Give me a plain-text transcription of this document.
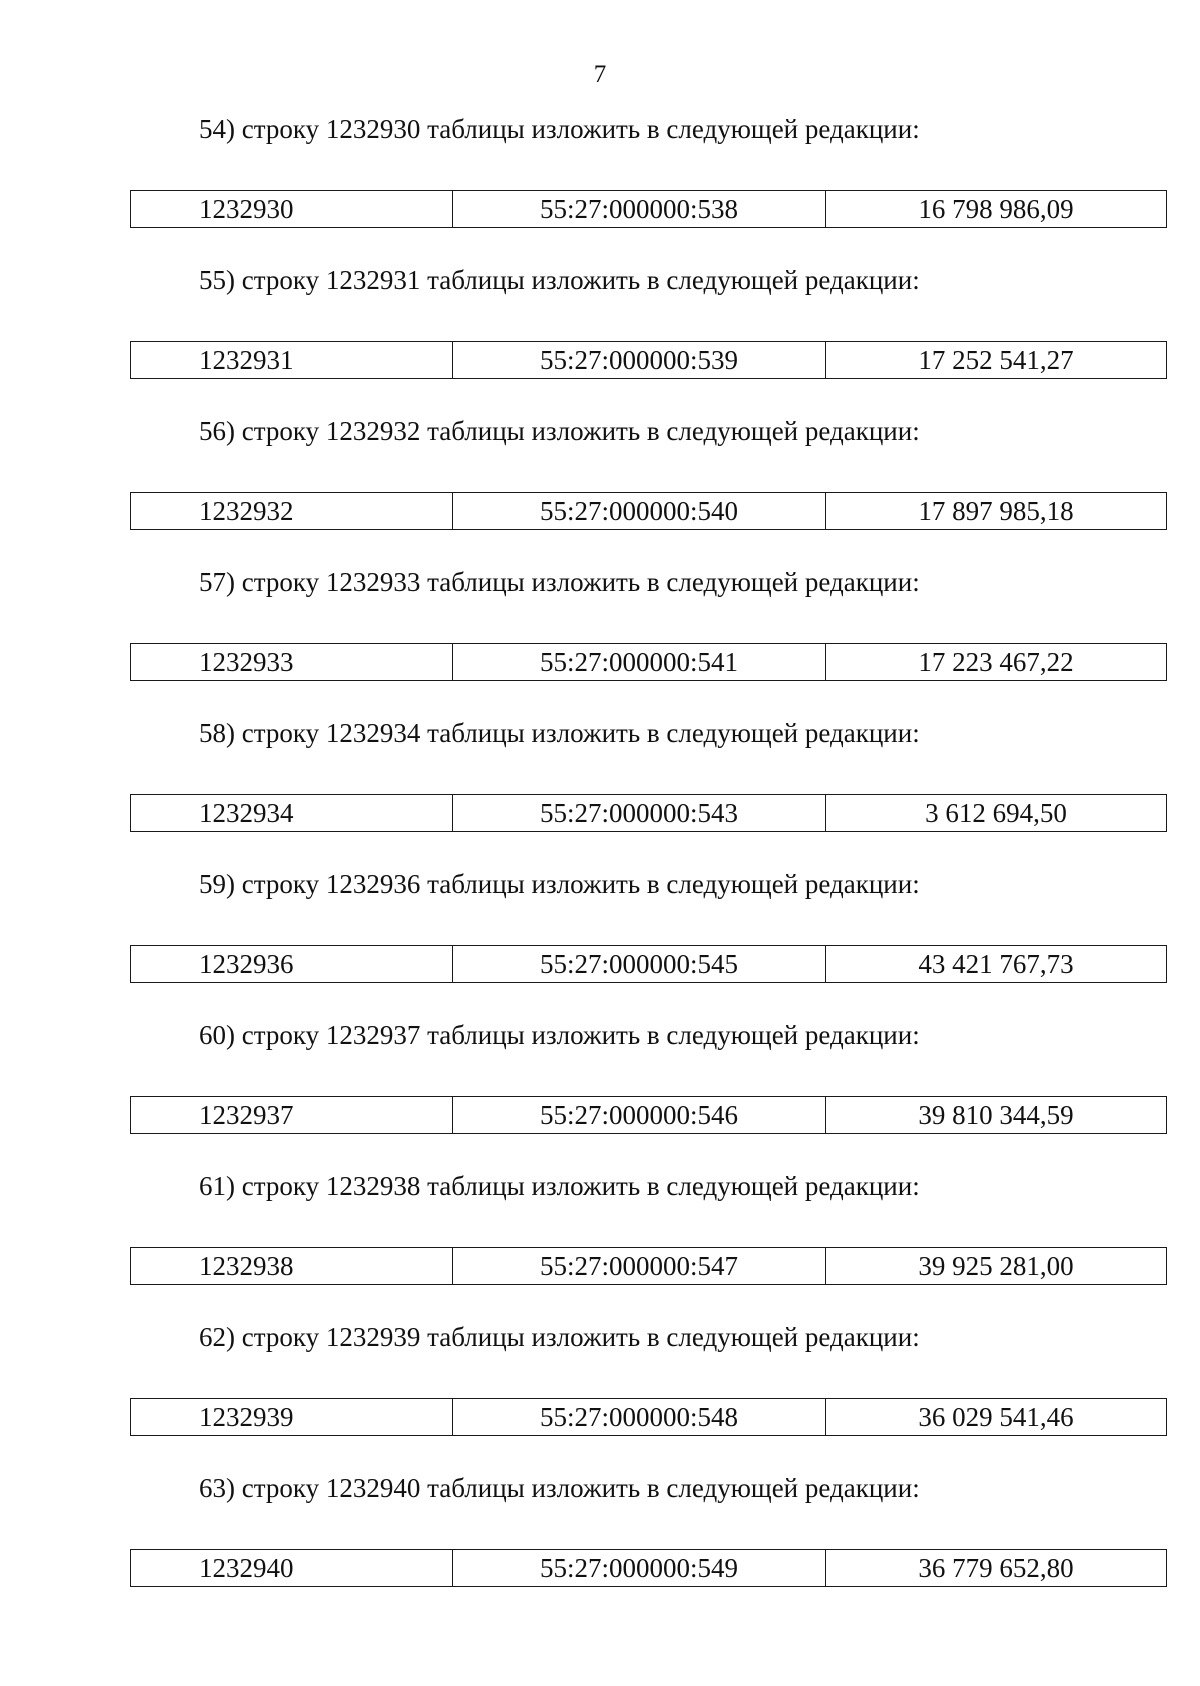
7
54) строку 1232930 таблицы изложить в следующей редакции:
1232930	55:27:000000:538	16 798 986,09
55) строку 1232931 таблицы изложить в следующей редакции:
1232931	55:27:000000:539	17 252 541,27
56) строку 1232932 таблицы изложить в следующей редакции:
1232932	55:27:000000:540	17 897 985,18
57) строку 1232933 таблицы изложить в следующей редакции:
1232933	55:27:000000:541	17 223 467,22
58) строку 1232934 таблицы изложить в следующей редакции:
1232934	55:27:000000:543	3 612 694,50
59) строку 1232936 таблицы изложить в следующей редакции:
1232936	55:27:000000:545	43 421 767,73
60) строку 1232937 таблицы изложить в следующей редакции:
1232937	55:27:000000:546	39 810 344,59
61) строку 1232938 таблицы изложить в следующей редакции:
1232938	55:27:000000:547	39 925 281,00
62) строку 1232939 таблицы изложить в следующей редакции:
1232939	55:27:000000:548	36 029 541,46
63) строку 1232940 таблицы изложить в следующей редакции:
1232940	55:27:000000:549	36 779 652,80
